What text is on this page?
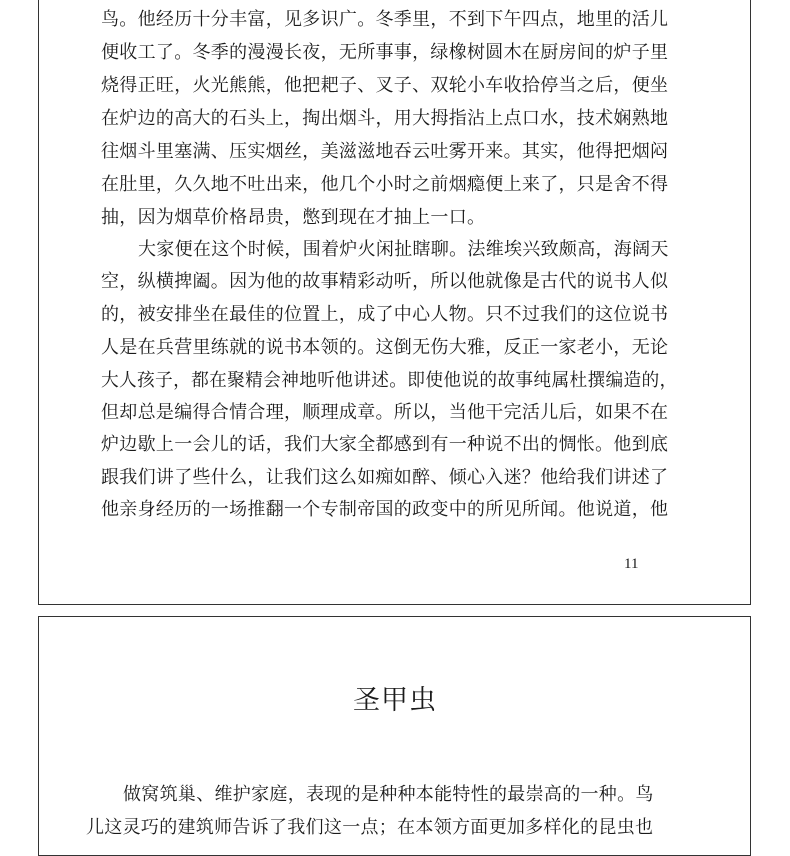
鸟。他经历十分丰富，见多识广。冬季里，不到下午四点，地里的活儿
便收工了。冬季的漫漫长夜，无所事事，绿橡树圆木在厨房间的炉子里
烧得正旺，火光熊熊，他把耙子、叉子、双轮小车收拾停当之后，便坐
在炉边的高大的石头上，掏出烟斗，用大拇指沾上点口水，技术娴熟地
往烟斗里塞满、压实烟丝，美滋滋地吞云吐雾开来。其实，他得把烟闷
在肚里，久久地不吐出来，他几个小时之前烟瘾便上来了，只是舍不得
抽，因为烟草价格昂贵，憋到现在才抽上一口。
大家便在这个时候，围着炉火闲扯瞎聊。法维埃兴致颇高，海阔天
空，纵横捭阖。因为他的故事精彩动听，所以他就像是古代的说书人似
的，被安排坐在最佳的位置上，成了中心人物。只不过我们的这位说书
人是在兵营里练就的说书本领的。这倒无伤大雅，反正一家老小，无论
大人孩子，都在聚精会神地听他讲述。即使他说的故事纯属杜撰编造的，
但却总是编得合情合理，顺理成章。所以，当他干完活儿后，如果不在
炉边歇上一会儿的话，我们大家全都感到有一种说不出的惆怅。他到底
跟我们讲了些什么，让我们这么如痴如醉、倾心入迷？他给我们讲述了
他亲身经历的一场推翻一个专制帝国的政变中的所见所闻。他说道，他
11
圣甲虫
做窝筑巢、维护家庭，表现的是种种本能特性的最崇高的一种。鸟
儿这灵巧的建筑师告诉了我们这一点；在本领方面更加多样化的昆虫也
